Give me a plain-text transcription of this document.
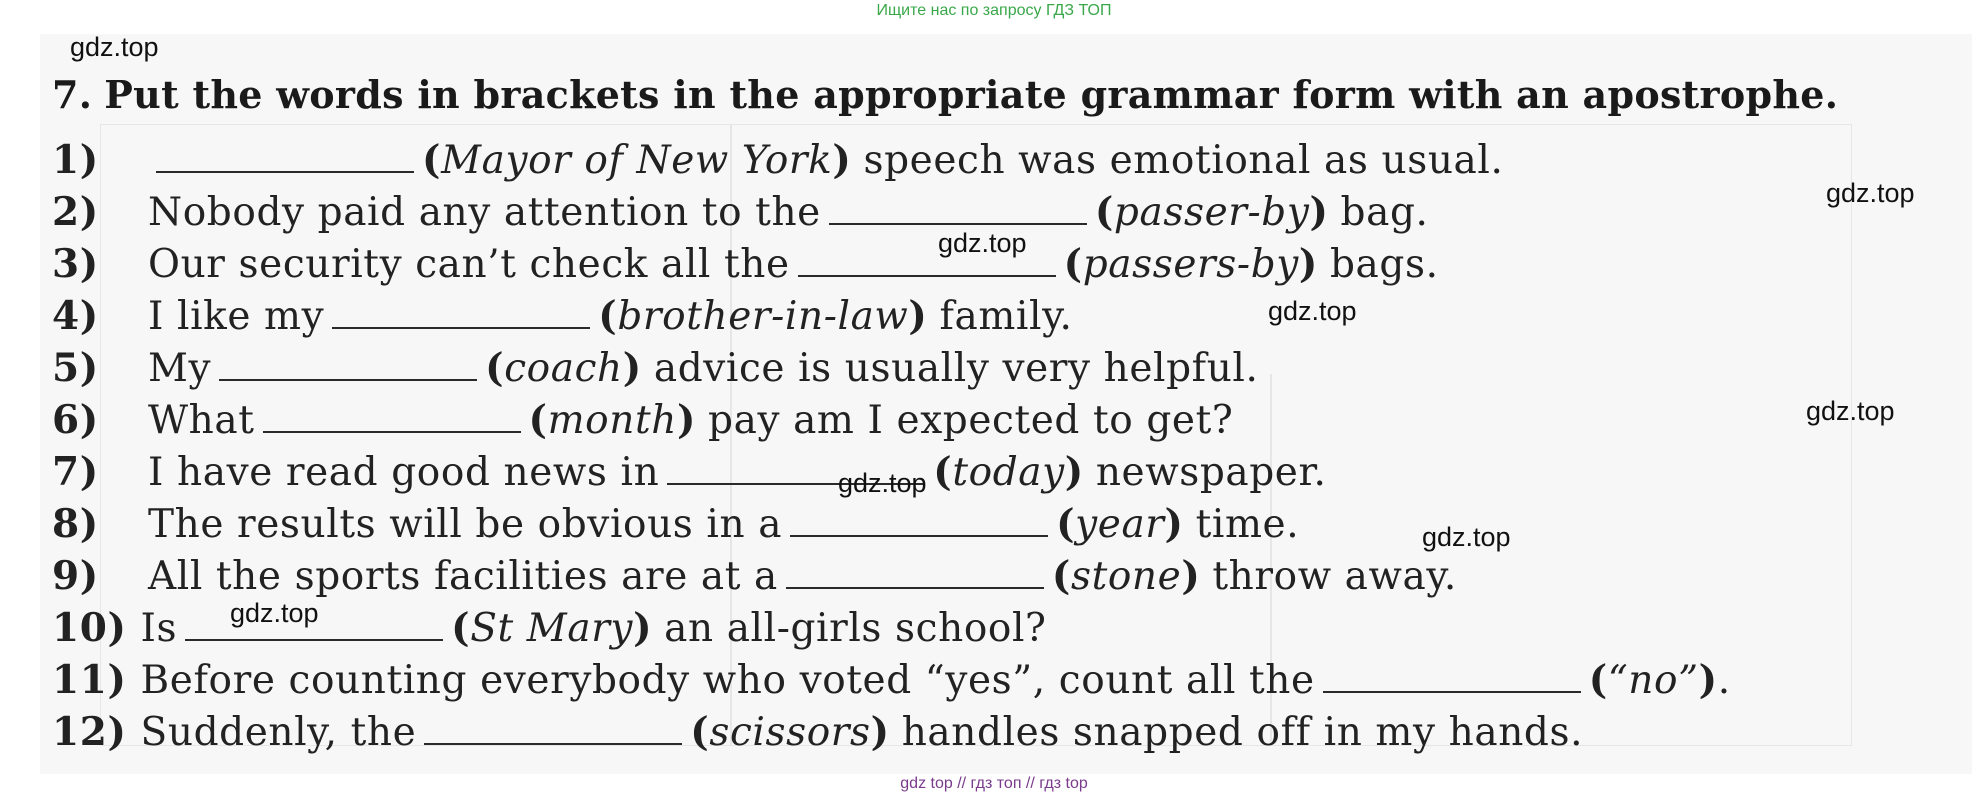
Ищите нас по запросу ГДЗ ТОП
7. Put the words in brackets in the appropriate grammar form with an apostrophe.
1)	(Mayor of New York) speech was emotional as usual.
2) Nobody paid any attention to the	(passer-by) bag.
3) Our security can’t check all the	(passers-by) bags.
4) I like my	(brother-in-law) family.
5) My	(coach) advice is usually very helpful.
6) What	(month) pay am I expected to get?
7) I have read good news in	(today) newspaper.
8) The results will be obvious in a	(year) time.
9) All the sports facilities are at a	(stone) throw away.
10) Is	(St Mary) an all-girls school?
11) Before counting everybody who voted “yes”, count all the	(“no”).
12) Suddenly, the	(scissors) handles snapped off in my hands.
gdz.top
gdz.top
gdz.top
gdz.top
gdz.top
gdz.top
gdz.top
gdz.top
gdz top // гдз топ // гдз top
